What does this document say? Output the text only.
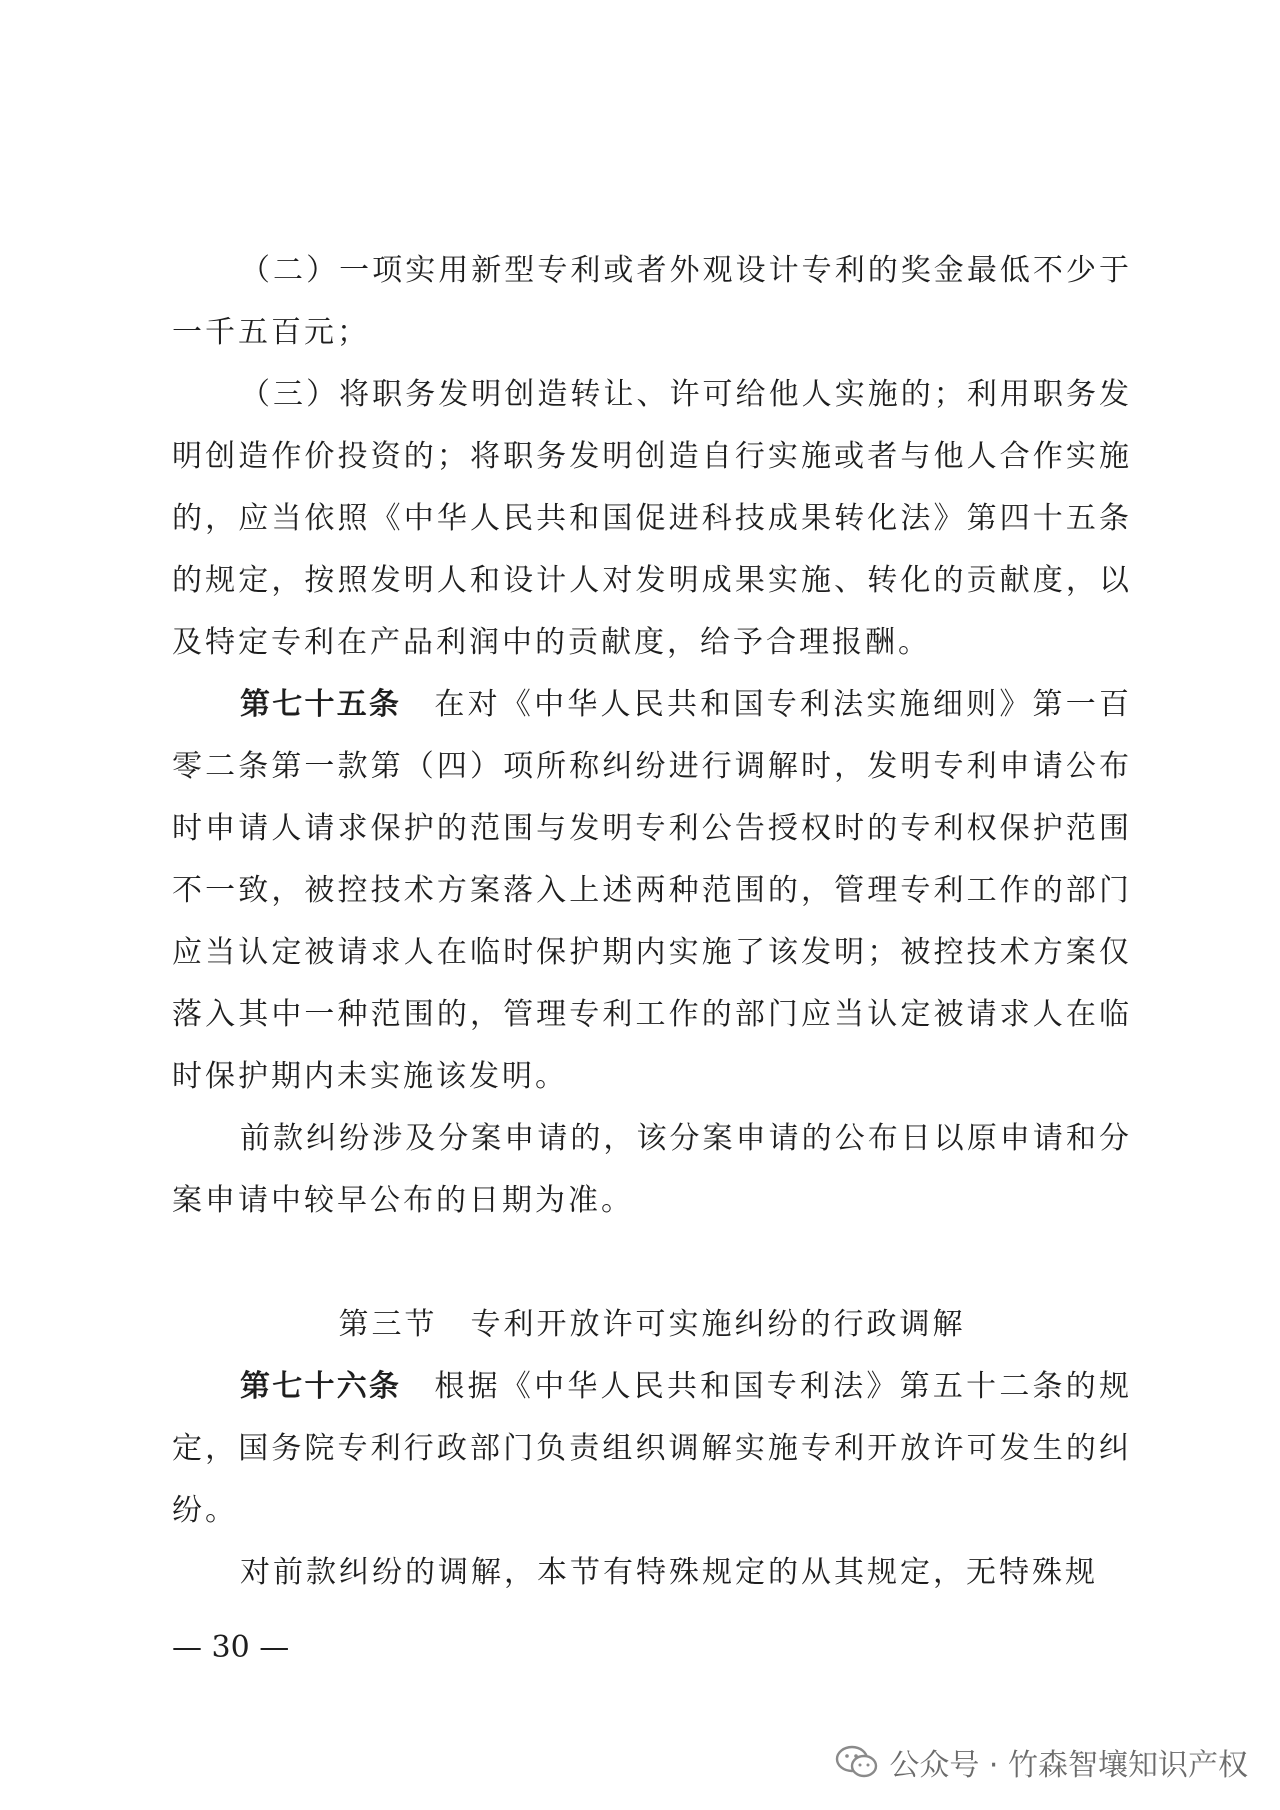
（二）一项实用新型专利或者外观设计专利的奖金最低不少于一千五百元；

（三）将职务发明创造转让、许可给他人实施的；利用职务发明创造作价投资的；将职务发明创造自行实施或者与他人合作实施的，应当依照《中华人民共和国促进科技成果转化法》第四十五条的规定，按照发明人和设计人对发明成果实施、转化的贡献度，以及特定专利在产品利润中的贡献度，给予合理报酬。

第七十五条　 在对《中华人民共和国专利法实施细则》第一百零二条第一款第（四）项所称纠纷进行调解时，发明专利申请公布时申请人请求保护的范围与发明专利公告授权时的专利权保护范围不一致，被控技术方案落入上述两种范围的，管理专利工作的部门应当认定被请求人在临时保护期内实施了该发明；被控技术方案仅落入其中一种范围的，管理专利工作的部门应当认定被请求人在临时保护期内未实施该发明。

前款纠纷涉及分案申请的，该分案申请的公布日以原申请和分案申请中较早公布的日期为准。

第三节　专利开放许可实施纠纷的行政调解

第七十六条　 根据《中华人民共和国专利法》第五十二条的规定，国务院专利行政部门负责组织调解实施专利开放许可发生的纠纷。

对前款纠纷的调解，本节有特殊规定的从其规定，无特殊规

— 30 —
公众号 · 竹森智壤知识产权
